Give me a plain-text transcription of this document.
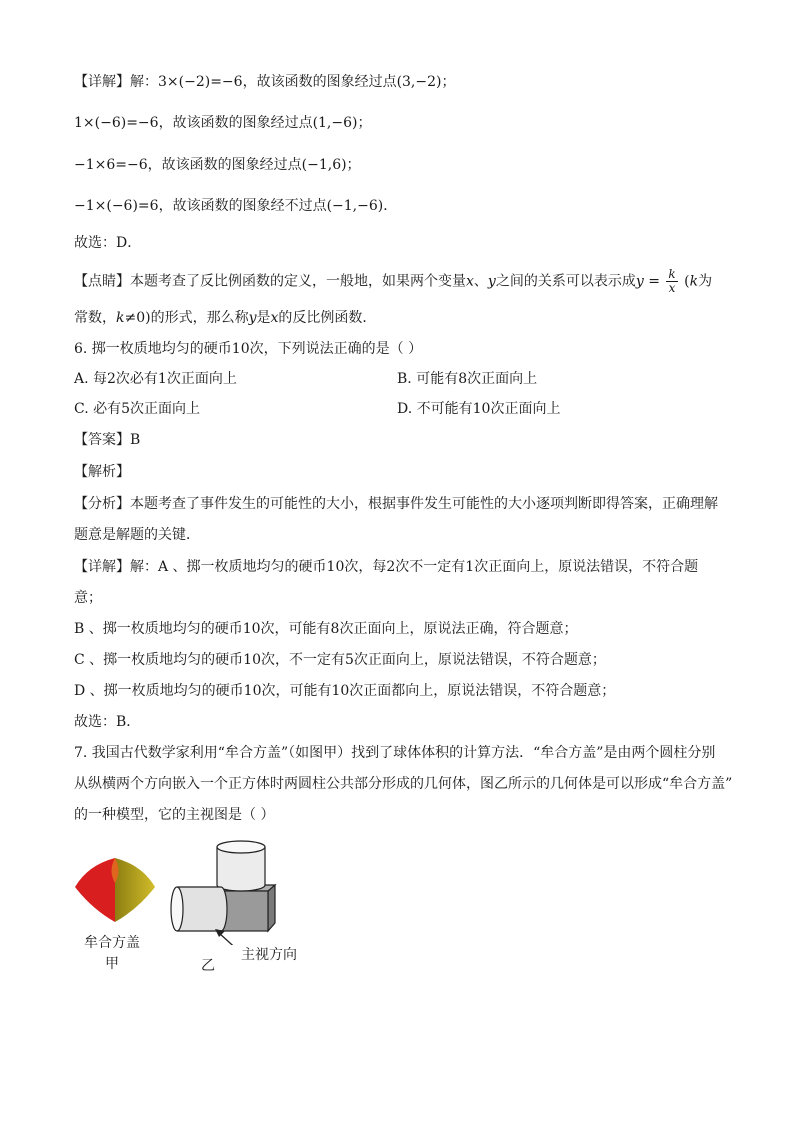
【详解】解：3×(−2)=−6，故该函数的图象经过点(3,−2)；
1×(−6)=−6，故该函数的图象经过点(1,−6)；
−1×6=−6，故该函数的图象经过点(−1,6)；
−1×(−6)=6，故该函数的图象经不过点(−1,−6)．
故选：D．
【点睛】本题考查了反比例函数的定义，一般地，如果两个变量x、y之间的关系可以表示成$y = \frac{k}{x} (k$为
常数，k≠0)的形式，那么称y是x的反比例函数．
6. 掷一枚质地均匀的硬币10次，下列说法正确的是（ ）
A. 每2次必有1次正面向上	B. 可能有8次正面向上
C. 必有5次正面向上	D. 不可能有10次正面向上
【答案】B
【解析】
【分析】本题考查了事件发生的可能性的大小，根据事件发生可能性的大小逐项判断即得答案，正确理解
题意是解题的关键．
【详解】解：A 、掷一枚质地均匀的硬币10次，每2次不一定有1次正面向上，原说法错误，不符合题
意；
B 、掷一枚质地均匀的硬币10次，可能有8次正面向上，原说法正确，符合题意；
C 、掷一枚质地均匀的硬币10次，不一定有5次正面向上，原说法错误，不符合题意；
D 、掷一枚质地均匀的硬币10次，可能有10次正面都向上，原说法错误，不符合题意；
故选：B．
7. 我国古代数学家利用“牟合方盖”（如图甲）找到了球体体积的计算方法．“牟合方盖”是由两个圆柱分别
从纵横两个方向嵌入一个正方体时两圆柱公共部分形成的几何体，图乙所示的几何体是可以形成“牟合方盖”
的一种模型，它的主视图是（ ）
牟合方盖
甲	乙
主视方向
